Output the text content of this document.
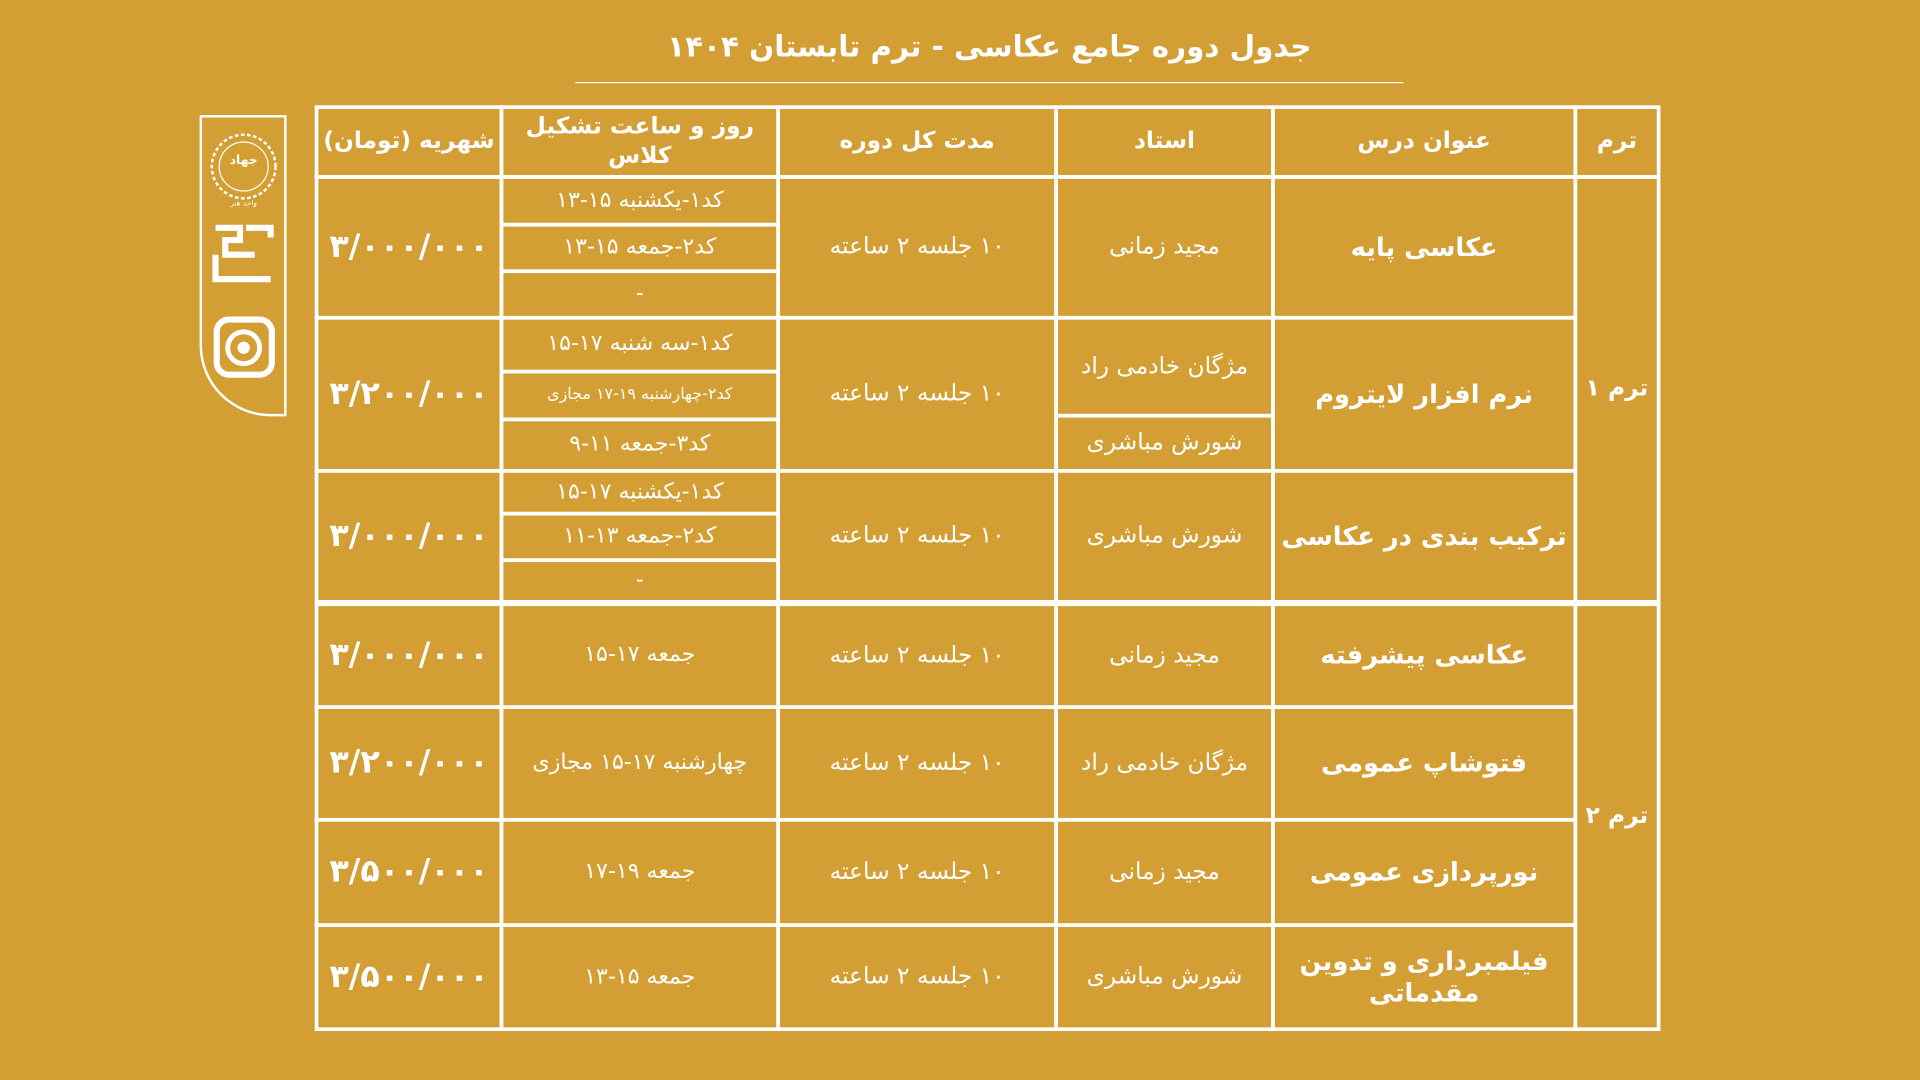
جدول دوره جامع عکاسی - ترم تابستان ۱۴۰۴
جهاد
واحد هنر
ترم
عنوان درس
استاد
مدت کل دوره
روز و ساعت تشکیل کلاس
شهریه (تومان)
ترم ۱
ترم ۲
عکاسی پایه
مجید زمانی
۱۰ جلسه ۲ ساعته
کد۱-یکشنبه ۱۵-۱۳
کد۲-جمعه ۱۵-۱۳
-
۳/۰۰۰/۰۰۰
نرم افزار لایتروم
مژگان خادمی راد
شورش مباشری
۱۰ جلسه ۲ ساعته
کد۱-سه شنبه ۱۷-۱۵
کد۲-چهارشنبه ۱۹-۱۷ مجازی
کد۳-جمعه ۱۱-۹
۳/۲۰۰/۰۰۰
ترکیب بندی در عکاسی
شورش مباشری
۱۰ جلسه ۲ ساعته
کد۱-یکشنبه ۱۷-۱۵
کد۲-جمعه ۱۳-۱۱
-
۳/۰۰۰/۰۰۰
عکاسی پیشرفته
مجید زمانی
۱۰ جلسه ۲ ساعته
جمعه ۱۷-۱۵
۳/۰۰۰/۰۰۰
فتوشاپ عمومی
مژگان خادمی راد
۱۰ جلسه ۲ ساعته
چهارشنبه ۱۷-۱۵ مجازی
۳/۲۰۰/۰۰۰
نورپردازی عمومی
مجید زمانی
۱۰ جلسه ۲ ساعته
جمعه ۱۹-۱۷
۳/۵۰۰/۰۰۰
فیلمبرداری و تدوین مقدماتی
شورش مباشری
۱۰ جلسه ۲ ساعته
جمعه ۱۵-۱۳
۳/۵۰۰/۰۰۰
